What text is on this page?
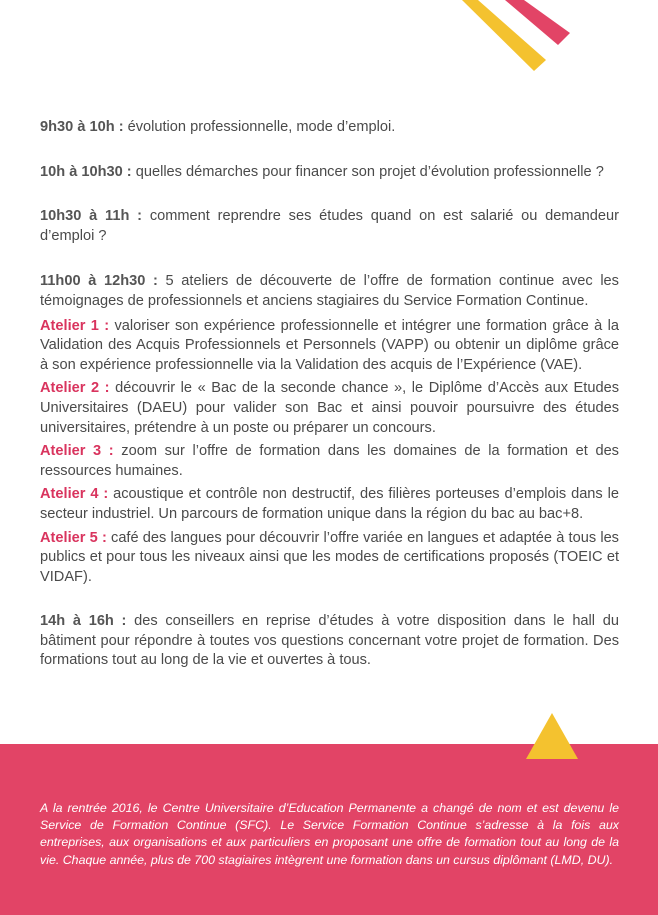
9h30 à 10h : évolution professionnelle, mode d’emploi.

10h à 10h30 : quelles démarches pour financer son projet d’évolution professionnelle ?

10h30 à 11h : comment reprendre ses études quand on est salarié ou demandeur d’emploi ?

11h00 à 12h30 : 5 ateliers de découverte de l’offre de formation continue avec les témoignages de professionnels et anciens stagiaires du Service Formation Continue.

Atelier 1 : valoriser son expérience professionnelle et intégrer une formation grâce à la Validation des Acquis Professionnels et Personnels (VAPP) ou obtenir un diplôme grâce à son expérience professionnelle via la Validation des acquis de l’Expérience (VAE).

Atelier 2 : découvrir le « Bac de la seconde chance », le Diplôme d’Accès aux Etudes Universitaires (DAEU) pour valider son Bac et ainsi pouvoir poursuivre des études universitaires, prétendre à un poste ou préparer un concours.

Atelier 3 : zoom sur l’offre de formation dans les domaines de la formation et des ressources humaines.

Atelier 4 : acoustique et contrôle non destructif, des filières porteuses d’emplois dans le secteur industriel. Un parcours de formation unique dans la région du bac au bac+8.

Atelier 5 : café des langues pour découvrir l’offre variée en langues et adaptée à tous les publics et pour tous les niveaux ainsi que les modes de certifications proposés (TOEIC et VIDAF).

14h à 16h : des conseillers en reprise d’études à votre disposition dans le hall du bâtiment pour répondre à toutes vos questions concernant votre projet de formation. Des formations tout au long de la vie et ouvertes à tous.

A la rentrée 2016, le Centre Universitaire d’Education Permanente a changé de nom et est devenu le Service de Formation Continue (SFC). Le Service Formation Continue s’adresse à la fois aux entreprises, aux organisations et aux particuliers en proposant une offre de formation tout au long de la vie. Chaque année, plus de 700 stagiaires intègrent une formation dans un cursus diplômant (LMD, DU).
